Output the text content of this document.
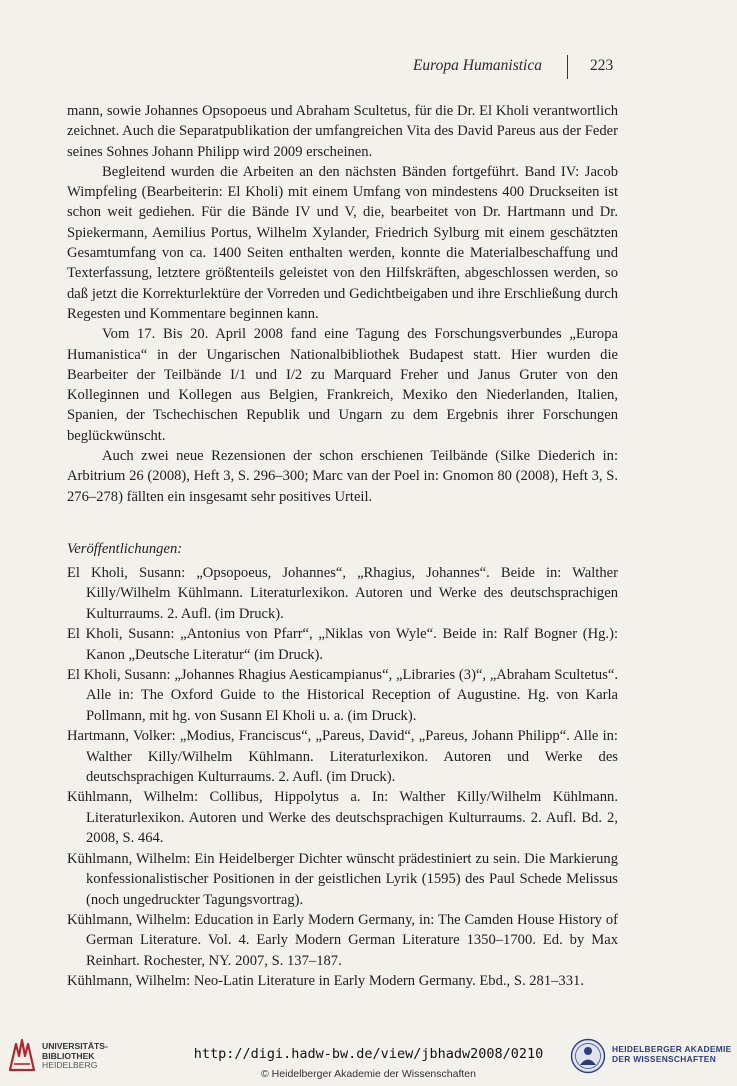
Europa Humanistica	223

mann, sowie Johannes Opsopoeus und Abraham Scultetus, für die Dr. El Kholi verantwortlich zeichnet. Auch die Separatpublikation der umfangreichen Vita des David Pareus aus der Feder seines Sohnes Johann Philipp wird 2009 erscheinen.

Begleitend wurden die Arbeiten an den nächsten Bänden fortgeführt. Band IV: Jacob Wimpfeling (Bearbeiterin: El Kholi) mit einem Umfang von mindestens 400 Druckseiten ist schon weit gediehen. Für die Bände IV und V, die, bearbeitet von Dr. Hartmann und Dr. Spiekermann, Aemilius Portus, Wilhelm Xylander, Friedrich Sylburg mit einem geschätzten Gesamtumfang von ca. 1400 Seiten enthalten werden, konnte die Materialbeschaffung und Texterfassung, letztere größtenteils geleistet von den Hilfskräften, abgeschlossen werden, so daß jetzt die Korrekturlektüre der Vorreden und Gedichtbeigaben und ihre Erschließung durch Regesten und Kommentare beginnen kann.

Vom 17. Bis 20. April 2008 fand eine Tagung des Forschungsverbundes „Europa Humanistica“ in der Ungarischen Nationalbibliothek Budapest statt. Hier wurden die Bearbeiter der Teilbände I/1 und I/2 zu Marquard Freher und Janus Gruter von den Kolleginnen und Kollegen aus Belgien, Frankreich, Mexiko den Niederlanden, Italien, Spanien, der Tschechischen Republik und Ungarn zu dem Ergebnis ihrer Forschungen beglückwünscht.

Auch zwei neue Rezensionen der schon erschienen Teilbände (Silke Diederich in: Arbitrium 26 (2008), Heft 3, S. 296–300; Marc van der Poel in: Gnomon 80 (2008), Heft 3, S. 276–278) fällten ein insgesamt sehr positives Urteil.

Veröffentlichungen:
El Kholi, Susann: „Opsopoeus, Johannes“, „Rhagius, Johannes“. Beide in: Walther Killy/Wilhelm Kühlmann. Literaturlexikon. Autoren und Werke des deutschsprachigen Kulturraums. 2. Aufl. (im Druck).
El Kholi, Susann: „Antonius von Pfarr“, „Niklas von Wyle“. Beide in: Ralf Bogner (Hg.): Kanon „Deutsche Literatur“ (im Druck).
El Kholi, Susann: „Johannes Rhagius Aesticampianus“, „Libraries (3)“, „Abraham Scultetus“. Alle in: The Oxford Guide to the Historical Reception of Augustine. Hg. von Karla Pollmann, mit hg. von Susann El Kholi u. a. (im Druck).
Hartmann, Volker: „Modius, Franciscus“, „Pareus, David“, „Pareus, Johann Philipp“. Alle in: Walther Killy/Wilhelm Kühlmann. Literaturlexikon. Autoren und Werke des deutschsprachigen Kulturraums. 2. Aufl. (im Druck).
Kühlmann, Wilhelm: Collibus, Hippolytus a. In: Walther Killy/Wilhelm Kühlmann. Literaturlexikon. Autoren und Werke des deutschsprachigen Kulturraums. 2. Aufl. Bd. 2, 2008, S. 464.
Kühlmann, Wilhelm: Ein Heidelberger Dichter wünscht prädestiniert zu sein. Die Markierung konfessionalistischer Positionen in der geistlichen Lyrik (1595) des Paul Schede Melissus (noch ungedruckter Tagungsvortrag).
Kühlmann, Wilhelm: Education in Early Modern Germany, in: The Camden House History of German Literature. Vol. 4. Early Modern German Literature 1350–1700. Ed. by Max Reinhart. Rochester, NY. 2007, S. 137–187.
Kühlmann, Wilhelm: Neo-Latin Literature in Early Modern Germany. Ebd., S. 281–331.
UNIVERSITÄTS-
BIBLIOTHEK
HEIDELBERG
http://digi.hadw-bw.de/view/jbhadw2008/0210
© Heidelberger Akademie der Wissenschaften
HEIDELBERGER AKADEMIE
DER WISSENSCHAFTEN
